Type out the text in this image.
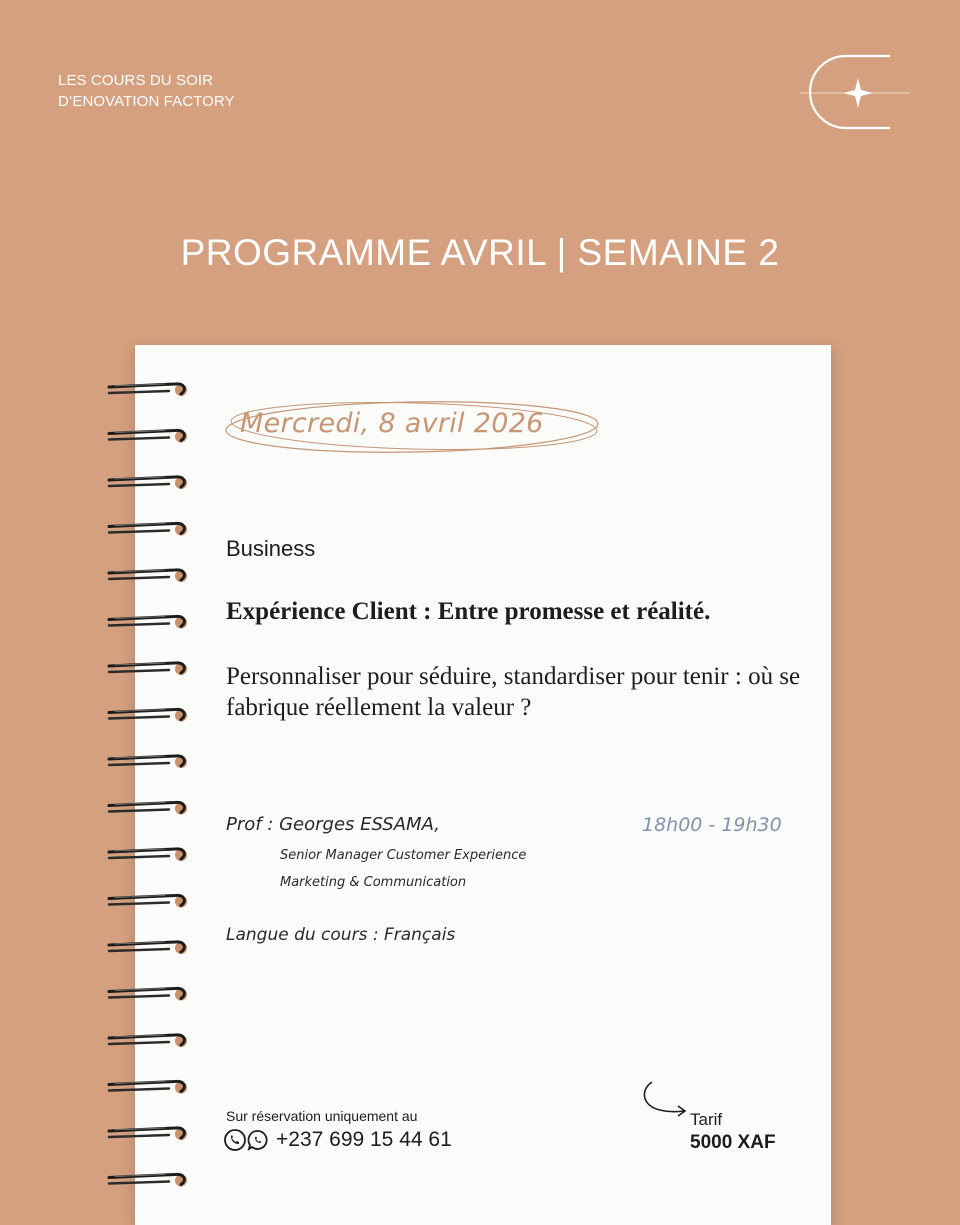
LES COURS DU SOIR
D’ENOVATION FACTORY
PROGRAMME AVRIL | SEMAINE 2
Mercredi, 8 avril 2026
Business
Expérience Client : Entre promesse et réalité.
Personnaliser pour séduire, standardiser pour tenir : où se fabrique réellement la valeur ?
Prof : Georges ESSAMA,
Senior Manager Customer Experience
Marketing & Communication
18h00 - 19h30
Langue du cours : Français
Sur réservation uniquement au
+237 699 15 44 61
Tarif
5000 XAF
